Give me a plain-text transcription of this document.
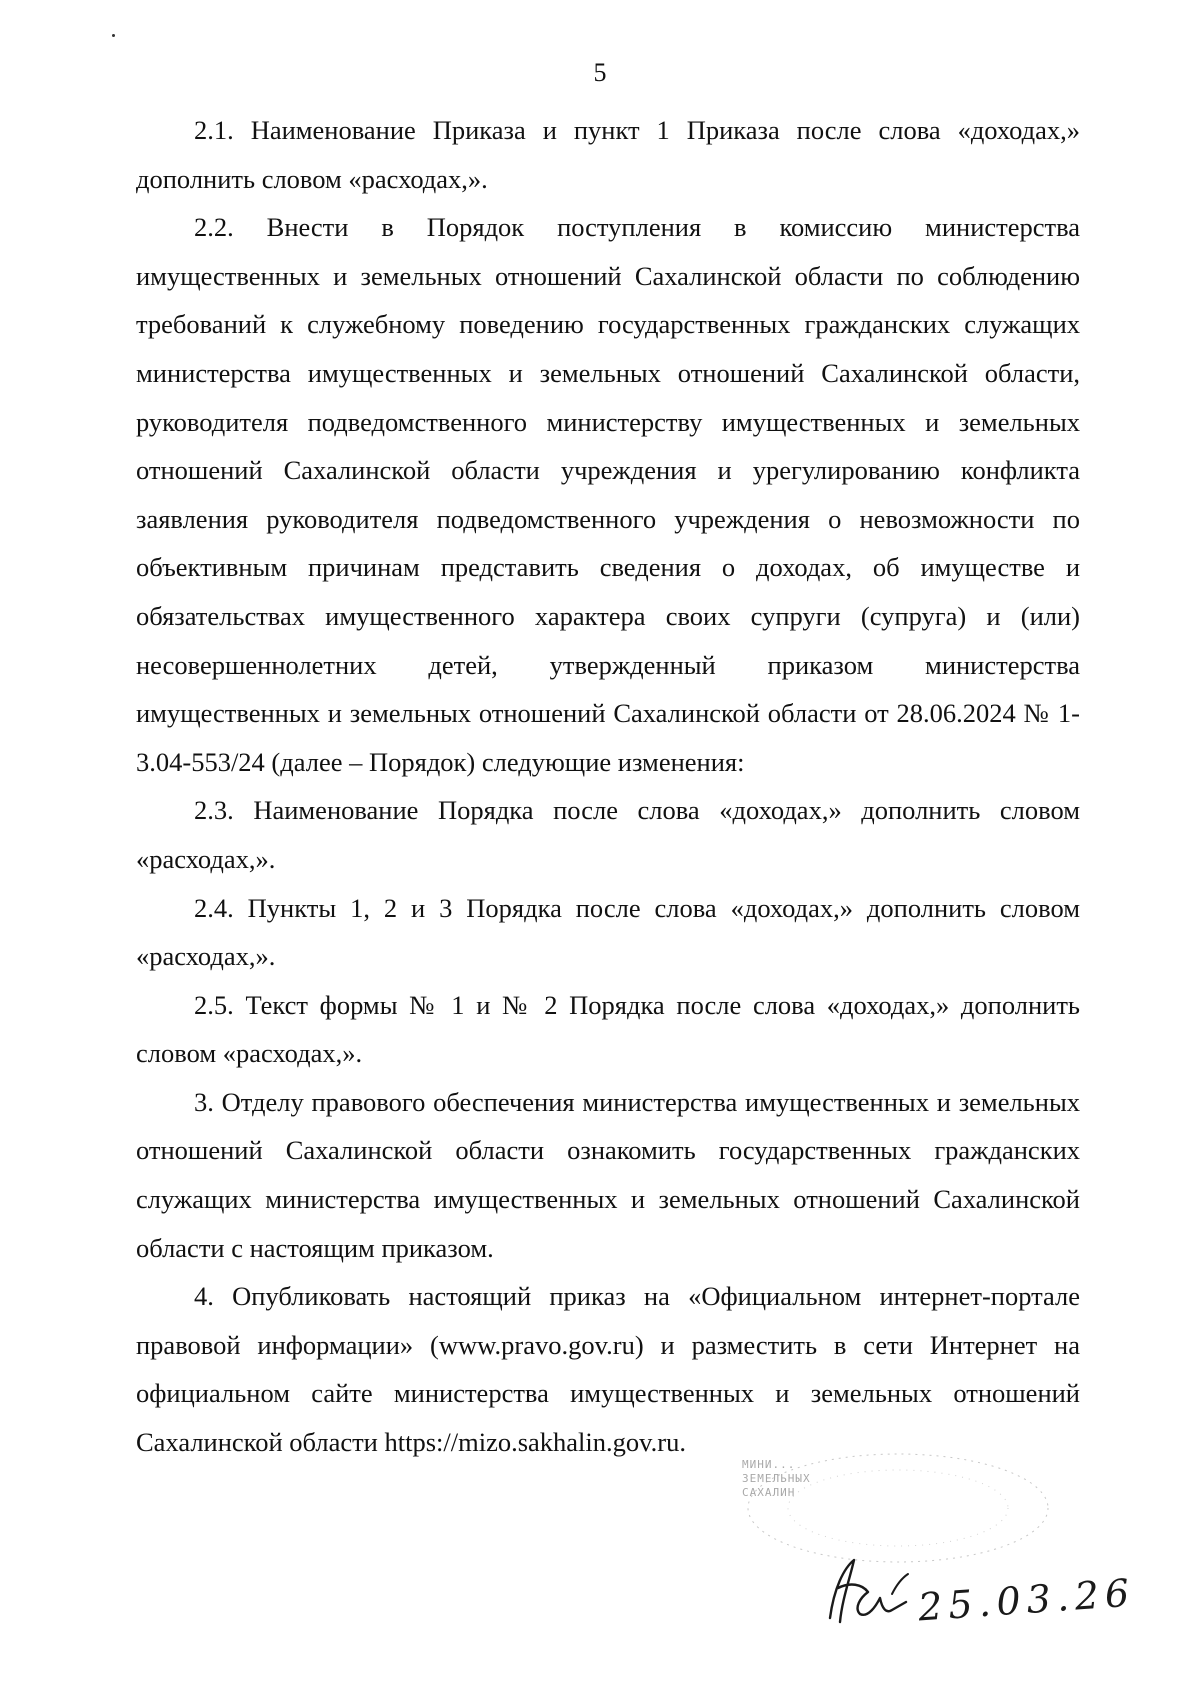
5

2.1. Наименование Приказа и пункт 1 Приказа после слова «доходах,» дополнить словом «расходах,».

2.2. Внести в Порядок поступления в комиссию министерства имущественных и земельных отношений Сахалинской области по соблюдению требований к служебному поведению государственных гражданских служащих министерства имущественных и земельных отношений Сахалинской области, руководителя подведомственного министерству имущественных и земельных отношений Сахалинской области учреждения и урегулированию конфликта заявления руководителя подведомственного учреждения о невозможности по объективным причинам представить сведения о доходах, об имуществе и обязательствах имущественного характера своих супруги (супруга) и (или) несовершеннолетних детей, утвержденный приказом министерства имущественных и земельных отношений Сахалинской области от 28.06.2024 № 1-3.04-553/24 (далее – Порядок) следующие изменения:

2.3. Наименование Порядка после слова «доходах,» дополнить словом «расходах,».

2.4. Пункты 1, 2 и 3 Порядка после слова «доходах,» дополнить словом «расходах,».

2.5. Текст формы № 1 и № 2 Порядка после слова «доходах,» дополнить словом «расходах,».

3. Отделу правового обеспечения министерства имущественных и земельных отношений Сахалинской области ознакомить государственных гражданских служащих министерства имущественных и земельных отношений Сахалинской области с настоящим приказом.

4. Опубликовать настоящий приказ на «Официальном интернет-портале правовой информации» (www.pravo.gov.ru) и разместить в сети Интернет на официальном сайте министерства имущественных и земельных отношений Сахалинской области https://mizo.sakhalin.gov.ru.

МИНИ...
ЗЕМЕЛЬНЫХ
САХАЛИН
25.03.26
